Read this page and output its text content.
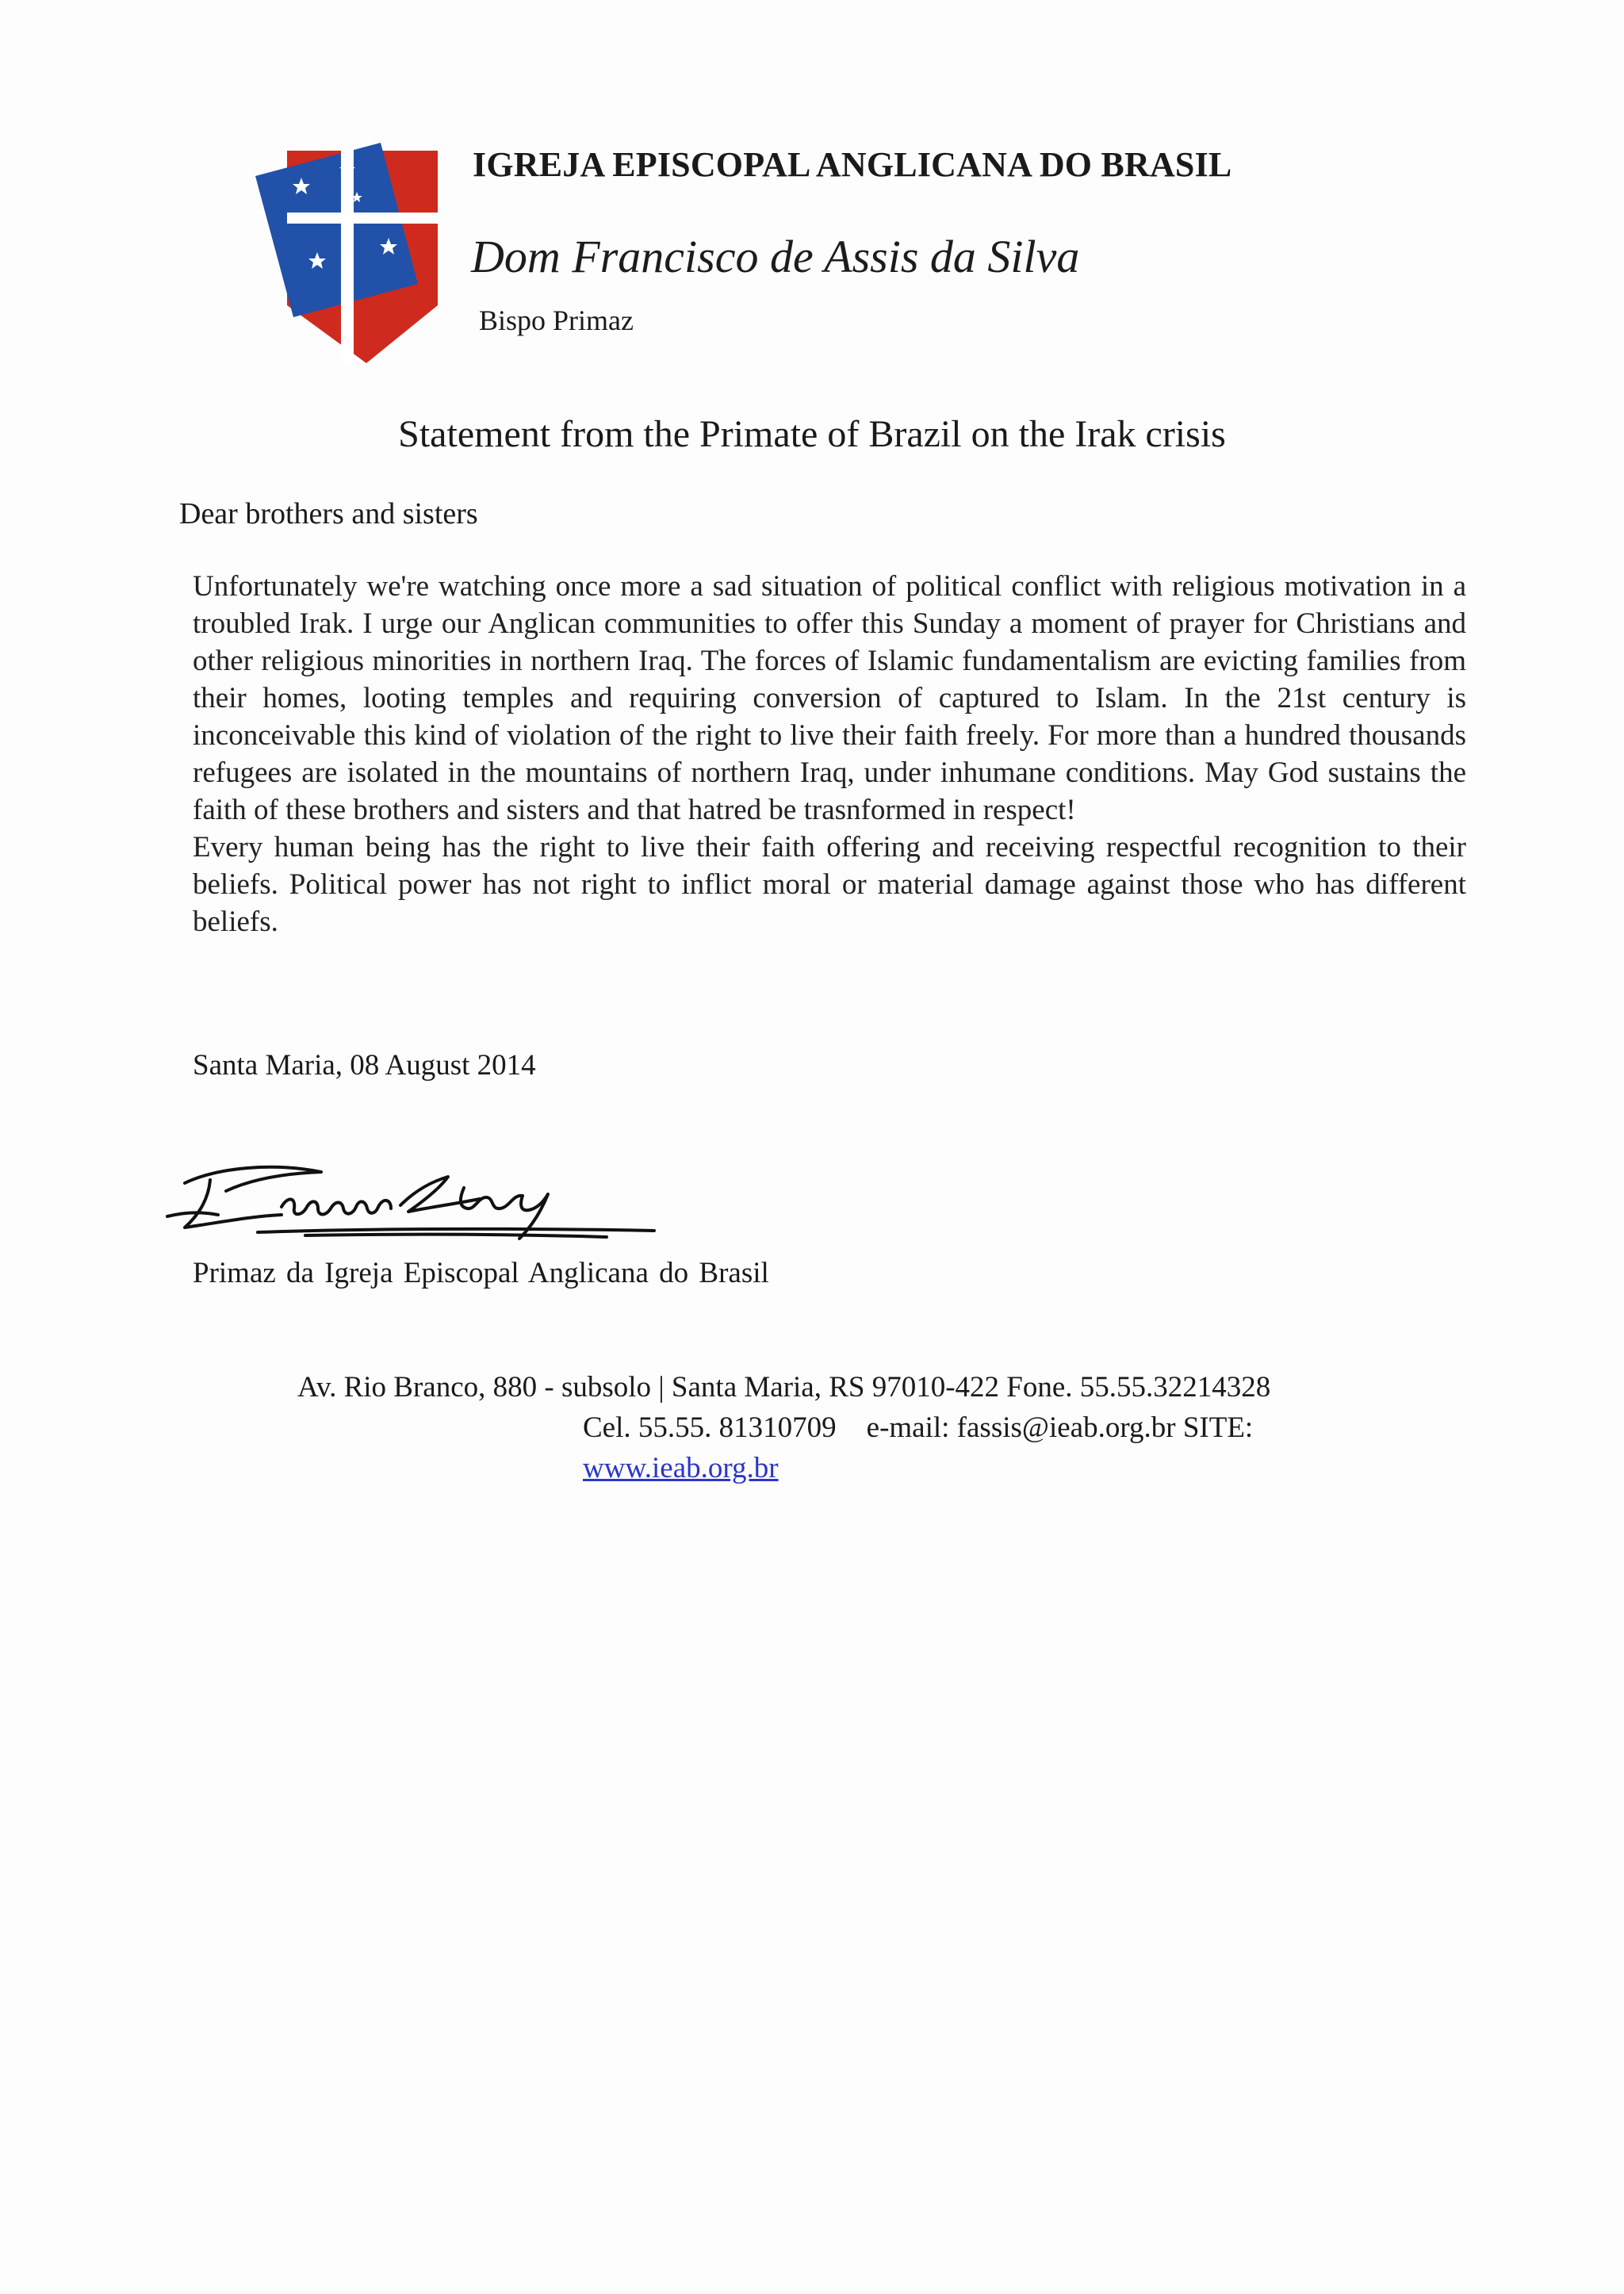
IGREJA EPISCOPAL ANGLICANA DO BRASIL
Dom Francisco de Assis da Silva
Bispo Primaz
Statement from the Primate of Brazil on the Irak crisis
Dear brothers and sisters

Unfortunately we're watching once more a sad situation of political conflict with religious motivation in a troubled Irak. I urge our Anglican communities to offer this Sunday a moment of prayer for Christians and other religious minorities in northern Iraq. The forces of Islamic fundamentalism are evicting families from their homes, looting temples and requiring conversion of captured to Islam. In the 21st century is inconceivable this kind of violation of the right to live their faith freely. For more than a hundred thousands refugees are isolated in the mountains of northern Iraq, under inhumane conditions. May God sustains the faith of these brothers and sisters and that hatred be trasnformed in respect!

Every human being has the right to live their faith offering and receiving respectful recognition to their beliefs. Political power has not right to inflict moral or material damage against those who has different beliefs.

Santa Maria, 08 August 2014
Primaz da Igreja Episcopal Anglicana do Brasil
Av. Rio Branco, 880 - subsolo | Santa Maria, RS 97010-422 Fone. 55.55.32214328
Cel. 55.55. 81310709 e-mail: fassis@ieab.org.br SITE:
www.ieab.org.br
